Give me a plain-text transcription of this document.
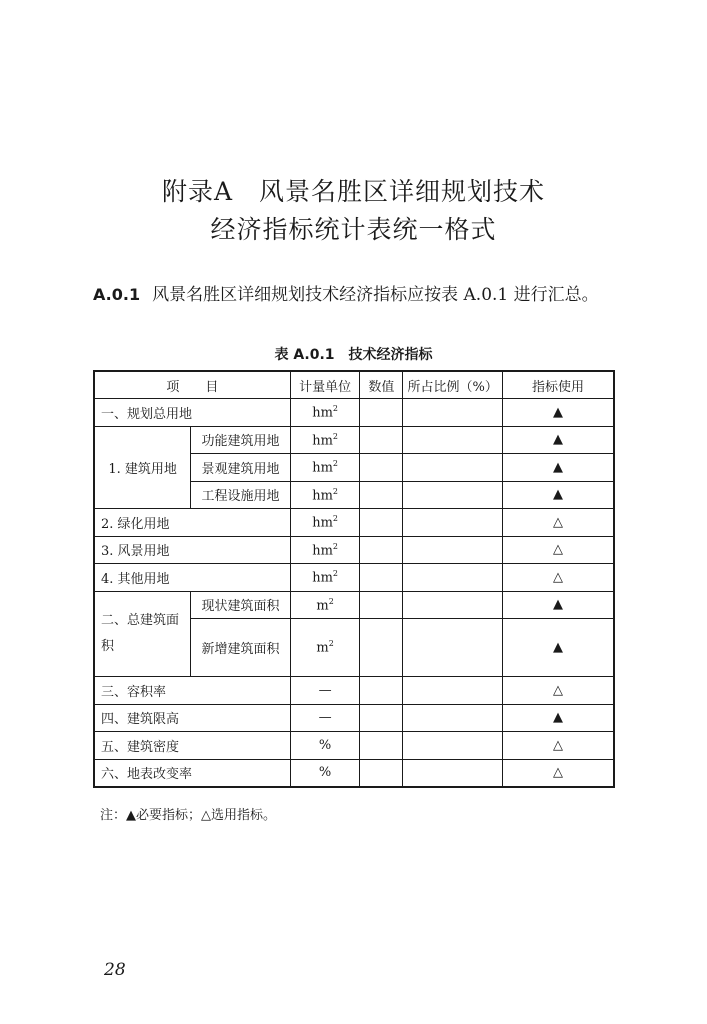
附录A　风景名胜区详细规划技术
经济指标统计表统一格式
A.0.1 风景名胜区详细规划技术经济指标应按表 A.0.1 进行汇总。
表 A.0.1　技术经济指标
项　　目		计量单位	数值	所占比例（%）	指标使用
一、规划总用地		$hm^2$			▲
1. 建筑用地	功能建筑用地	$hm^2$			▲
	景观建筑用地	$hm^2$			▲
	工程设施用地	$hm^2$			▲
2. 绿化用地		$hm^2$			△
3. 风景用地		$hm^2$			△
4. 其他用地		$hm^2$			△
二、总建筑面积	现状建筑面积	$m^2$			▲
	新增建筑面积	$m^2$			▲
三、容积率		—			△
四、建筑限高		—			▲
五、建筑密度		%			△
六、地表改变率		%			△
注：▲必要指标；△选用指标。
28
